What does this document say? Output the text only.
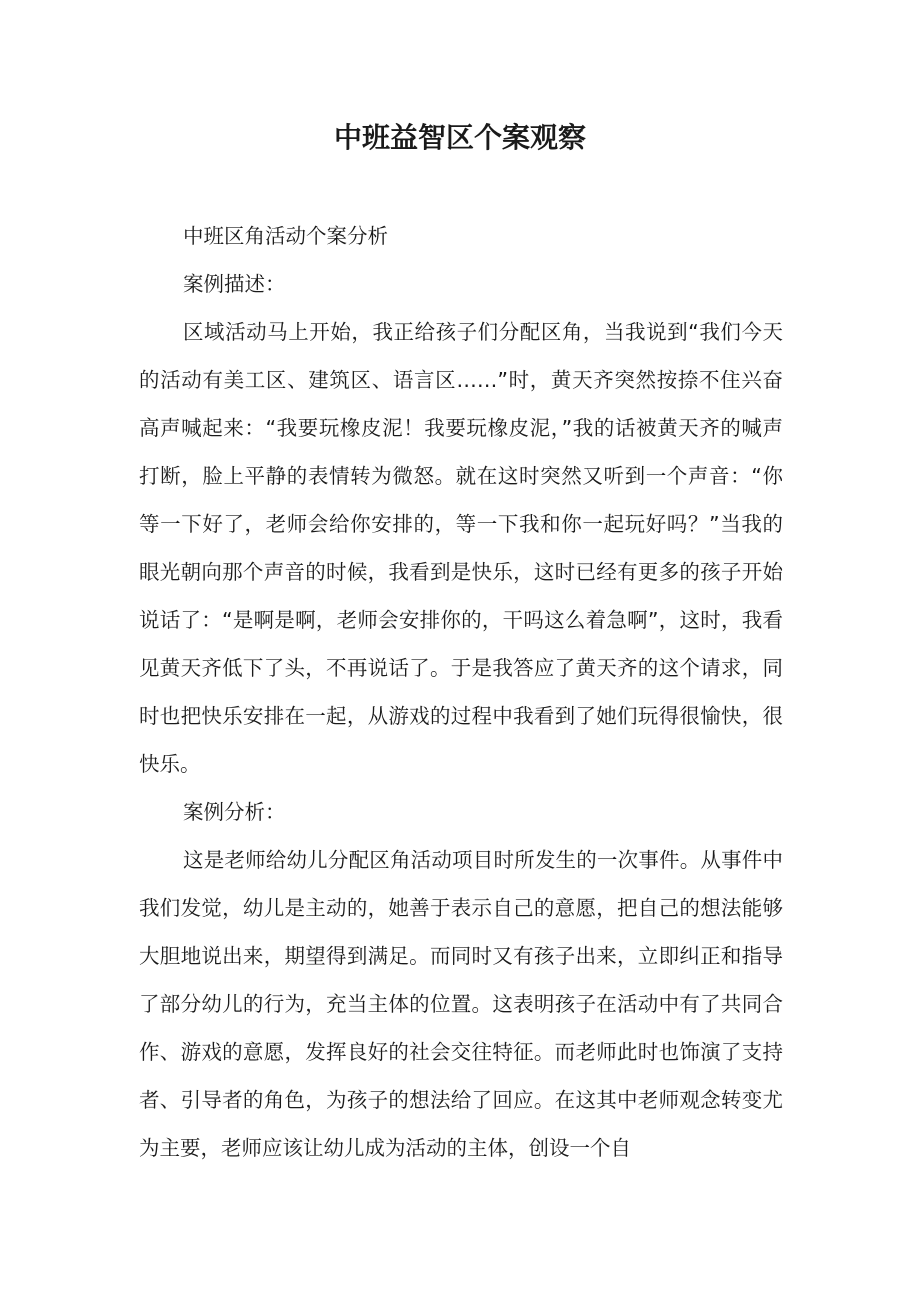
中班益智区个案观察

中班区角活动个案分析

案例描述：

区域活动马上开始，我正给孩子们分配区角，当我说到“我们今天的活动有美工区、建筑区、语言区……”时，黄天齐突然按捺不住兴奋高声喊起来：“我要玩橡皮泥！我要玩橡皮泥，”我的话被黄天齐的喊声打断，脸上平静的表情转为微怒。就在这时突然又听到一个声音：“你等一下好了，老师会给你安排的，等一下我和你一起玩好吗？”当我的眼光朝向那个声音的时候，我看到是快乐，这时已经有更多的孩子开始说话了：“是啊是啊，老师会安排你的，干吗这么着急啊”，这时，我看见黄天齐低下了头，不再说话了。于是我答应了黄天齐的这个请求，同时也把快乐安排在一起，从游戏的过程中我看到了她们玩得很愉快，很快乐。

案例分析：

这是老师给幼儿分配区角活动项目时所发生的一次事件。从事件中我们发觉，幼儿是主动的，她善于表示自己的意愿，把自己的想法能够大胆地说出来，期望得到满足。而同时又有孩子出来，立即纠正和指导了部分幼儿的行为，充当主体的位置。这表明孩子在活动中有了共同合作、游戏的意愿，发挥良好的社会交往特征。而老师此时也饰演了支持者、引导者的角色，为孩子的想法给了回应。在这其中老师观念转变尤为主要，老师应该让幼儿成为活动的主体，创设一个自
